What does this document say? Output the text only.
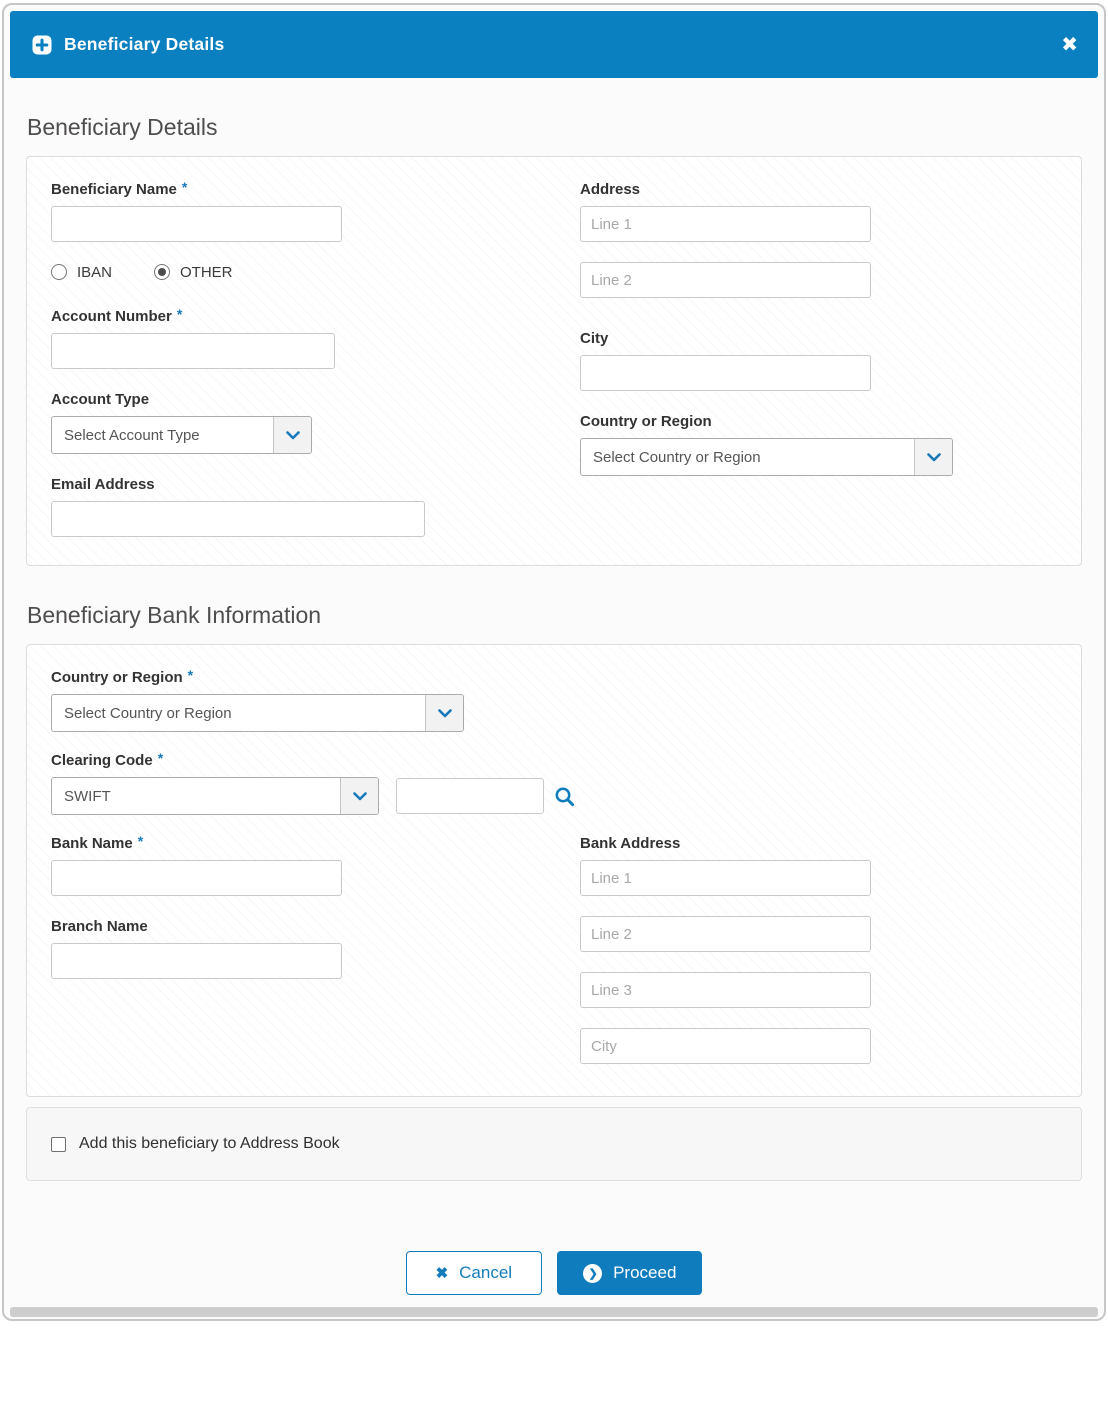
Beneficiary Details	✖
Beneficiary Details
Beneficiary Name *
IBAN	OTHER
Account Number *
Account Type
Select Account Type
Email Address
Address
Line 1
Line 2
City
Country or Region
Select Country or Region
Beneficiary Bank Information
Country or Region *
Select Country or Region
Clearing Code *
SWIFT
Bank Name *
Branch Name
Bank Address
Line 1
Line 2
Line 3
City
Add this beneficiary to Address Book
✖ Cancel	❯ Proceed
